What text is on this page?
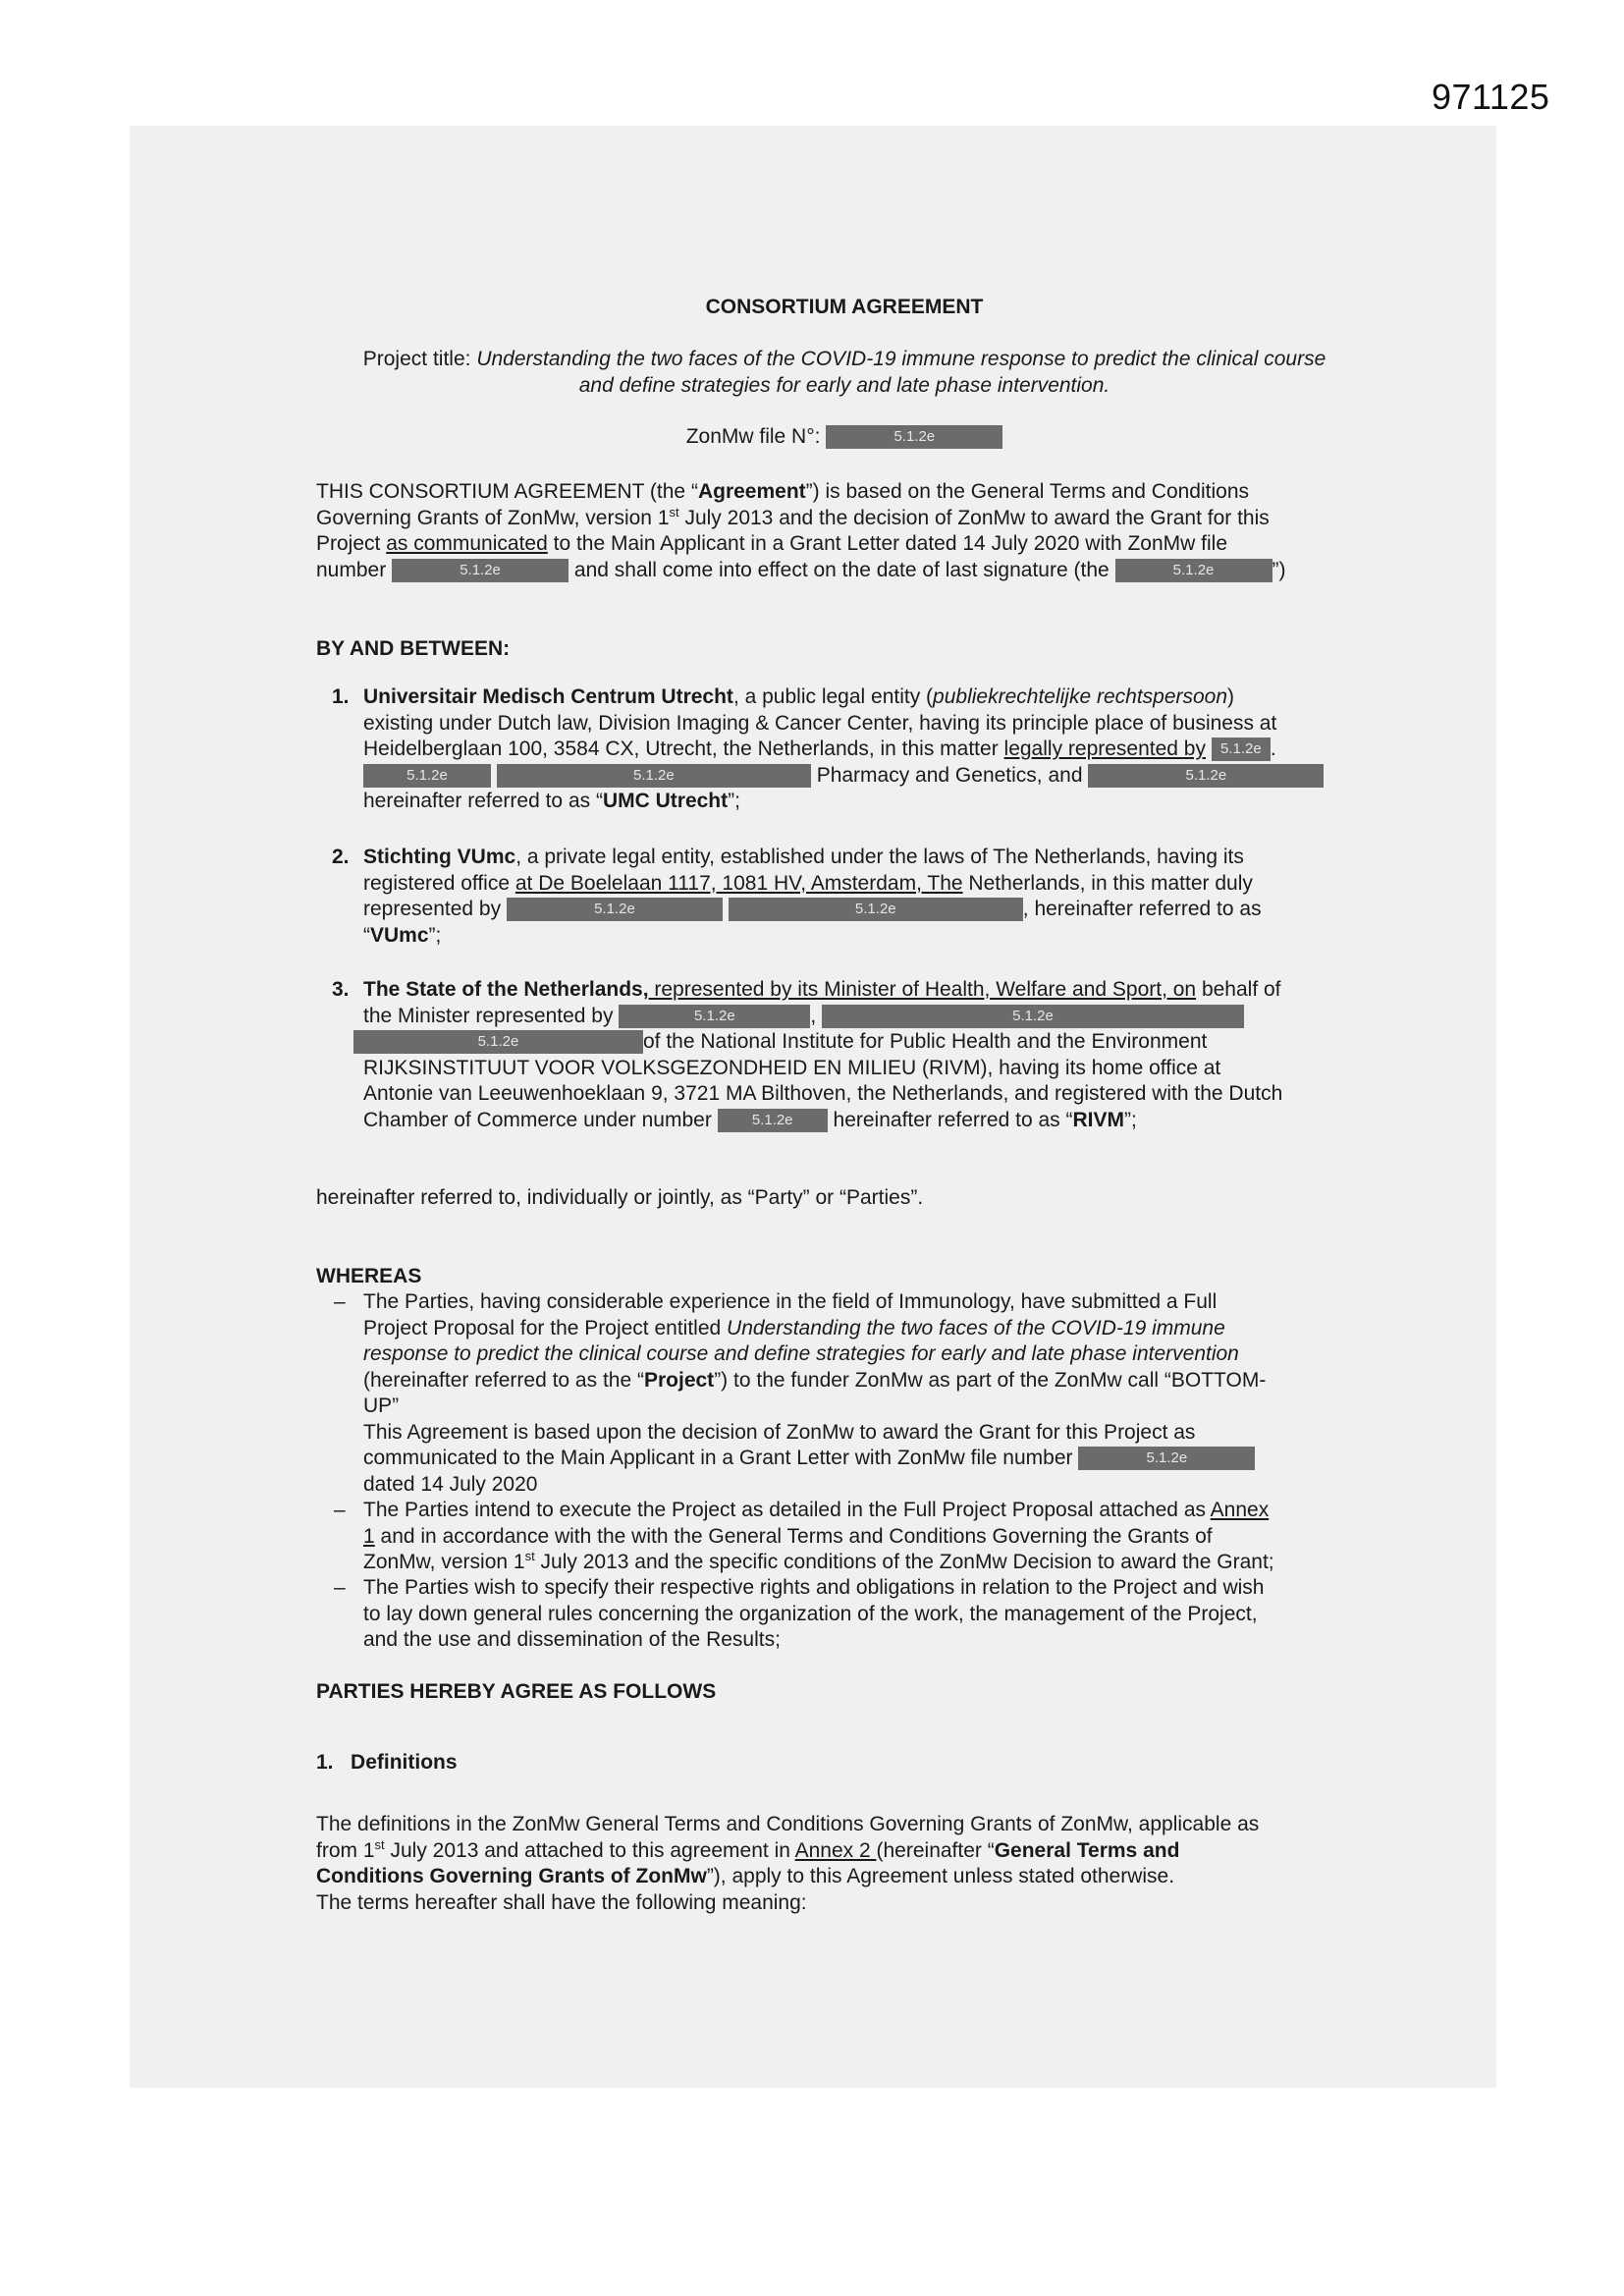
971125
CONSORTIUM AGREEMENT
Project title: Understanding the two faces of the COVID-19 immune response to predict the clinical course
and define strategies for early and late phase intervention.
ZonMw file N°:	5.1.2e
THIS CONSORTIUM AGREEMENT (the “Agreement”) is based on the General Terms and Conditions
Governing Grants of ZonMw, version 1st July 2013 and the decision of ZonMw to award the Grant for this
Project as communicated to the Main Applicant in a Grant Letter dated 14 July 2020 with ZonMw file
number	5.1.2e	and shall come into effect on the date of last signature (the	5.1.2e	”)
BY AND BETWEEN:
1. Universitair Medisch Centrum Utrecht, a public legal entity (publiekrechtelijke rechtspersoon)
existing under Dutch law, Division Imaging & Cancer Center, having its principle place of business at
Heidelberglaan 100, 3584 CX, Utrecht, the Netherlands, in this matter legally represented by 5.1.2e .
5.1.2e	5.1.2e	Pharmacy and Genetics, and	5.1.2e
hereinafter referred to as “UMC Utrecht”;
2. Stichting VUmc, a private legal entity, established under the laws of The Netherlands, having its
registered office at De Boelelaan 1117, 1081 HV, Amsterdam, The Netherlands, in this matter duly
represented by	5.1.2e	5.1.2e	, hereinafter referred to as
“VUmc”;
3. The State of the Netherlands, represented by its Minister of Health, Welfare and Sport, on behalf of
the Minister represented by	5.1.2e	,	5.1.2e
5.1.2e	of the National Institute for Public Health and the Environment
RIJKSINSTITUUT VOOR VOLKSGEZONDHEID EN MILIEU (RIVM), having its home office at
Antonie van Leeuwenhoeklaan 9, 3721 MA Bilthoven, the Netherlands, and registered with the Dutch
Chamber of Commerce under number	5.1.2e hereinafter referred to as “RIVM”;
hereinafter referred to, individually or jointly, as “Party” or “Parties”.
WHEREAS
– The Parties, having considerable experience in the field of Immunology, have submitted a Full
Project Proposal for the Project entitled Understanding the two faces of the COVID-19 immune
response to predict the clinical course and define strategies for early and late phase intervention
(hereinafter referred to as the “Project”) to the funder ZonMw as part of the ZonMw call “BOTTOM-
UP”
This Agreement is based upon the decision of ZonMw to award the Grant for this Project as
communicated to the Main Applicant in a Grant Letter with ZonMw file number	5.1.2e
dated 14 July 2020
– The Parties intend to execute the Project as detailed in the Full Project Proposal attached as Annex
1 and in accordance with the with the General Terms and Conditions Governing the Grants of
ZonMw, version 1st July 2013 and the specific conditions of the ZonMw Decision to award the Grant;
– The Parties wish to specify their respective rights and obligations in relation to the Project and wish
to lay down general rules concerning the organization of the work, the management of the Project,
and the use and dissemination of the Results;
PARTIES HEREBY AGREE AS FOLLOWS
1. Definitions
The definitions in the ZonMw General Terms and Conditions Governing Grants of ZonMw, applicable as
from 1st July 2013 and attached to this agreement in Annex 2 (hereinafter “General Terms and
Conditions Governing Grants of ZonMw”), apply to this Agreement unless stated otherwise.
The terms hereafter shall have the following meaning:
